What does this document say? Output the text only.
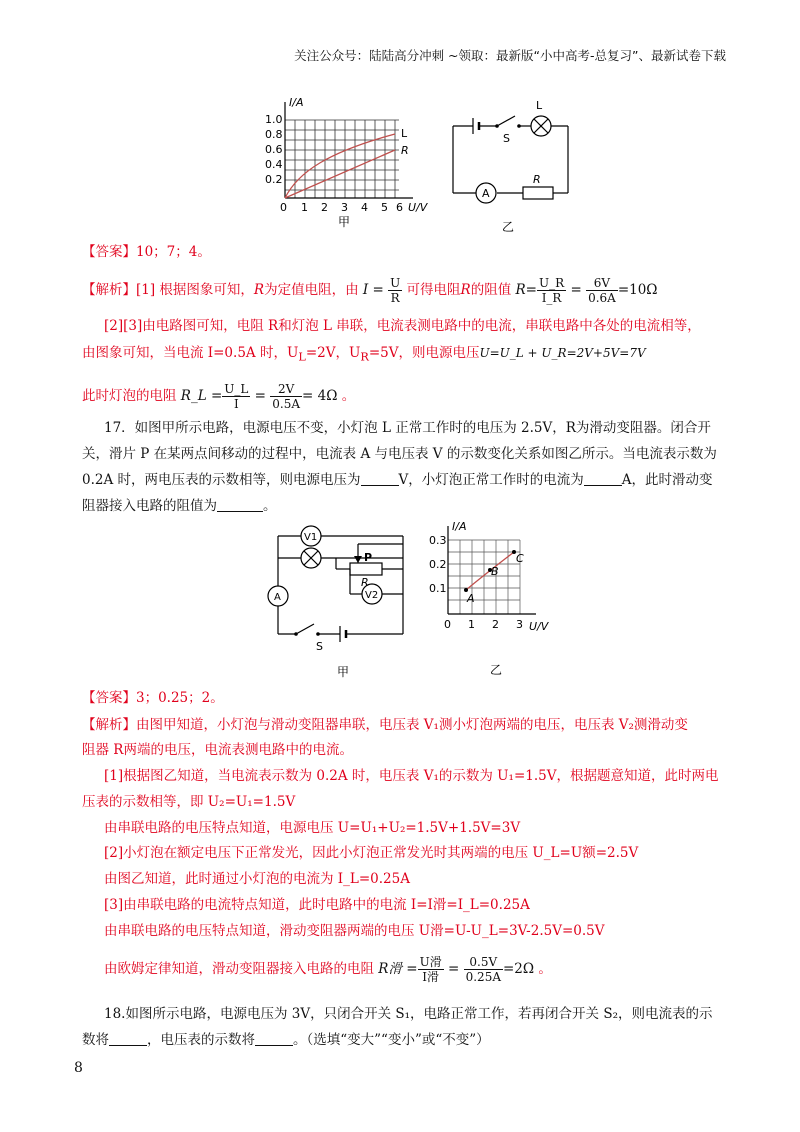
关注公众号：陆陆高分冲刺 ~领取：最新版“小中高考-总复习”、最新试卷下载
I/A
1.0
0.8
0.6
0.4
0.2
0 1 2 3 4 5 6 U/V
L
R
甲
S
L
A
R
乙
【答案】10；7；4。
【解析】[1] 根据图象可知，R为定值电阻，由 $I = \frac{U}{R}$ 可得电阻R的阻值 $R= \frac{U\_R}{I\_R} = \frac{6V}{0.6A} =10\Omega$
[2][3]由电路图可知，电阻 R和灯泡 L 串联，电流表测电路中的电流，串联电路中各处的电流相等，
由图象可知，当电流 I=0.5A 时，$U_L=2V$，$U_R=5V$，则电源电压U=U_L + U_R=2V+5V=7V
此时灯泡的电阻 R_L = $\frac{U\_L}{I} = \frac{2V}{0.5A} = 4\Omega$ 。
17．如图甲所示电路，电源电压不变，小灯泡 L 正常工作时的电压为 2.5V，R为滑动变阻器。闭合开
关，滑片 P 在某两点间移动的过程中，电流表 A 与电压表 V 的示数变化关系如图乙所示。当电流表示数为
0.2A 时，两电压表的示数相等，则电源电压为	V，小灯泡正常工作时的电流为	A，此时滑动变
阻器接入电路的阻值为	。
V1
V2
A
P
R
S
甲
I/A
0.3
0.2
0.1
0 1 2 3 U/V
A
B
C
乙
【答案】3；0.25；2。
【解析】由图甲知道，小灯泡与滑动变阻器串联，电压表 V₁测小灯泡两端的电压，电压表 V₂测滑动变
阻器 R两端的电压，电流表测电路中的电流。
[1]根据图乙知道，当电流表示数为 0.2A 时，电压表 V₁的示数为 U₁=1.5V，根据题意知道，此时两电
压表的示数相等，即 U₂=U₁=1.5V
由串联电路的电压特点知道，电源电压 U=U₁+U₂=1.5V+1.5V=3V
[2]小灯泡在额定电压下正常发光，因此小灯泡正常发光时其两端的电压 U_L=U额=2.5V
由图乙知道，此时通过小灯泡的电流为 I_L=0.25A
[3]由串联电路的电流特点知道，此时电路中的电流 I=I滑=I_L=0.25A
由串联电路的电压特点知道，滑动变阻器两端的电压 U滑=U-U_L=3V-2.5V=0.5V
由欧姆定律知道，滑动变阻器接入电路的电阻 R滑 = $\frac{\text{U滑}}{\text{I滑}} = \frac{0.5V}{0.25A} =2\Omega$ 。
18.如图所示电路，电源电压为 3V，只闭合开关 S₁，电路正常工作，若再闭合开关 S₂，则电流表的示
数将	，电压表的示数将	。（选填“变大”“变小”或“不变”）
8
